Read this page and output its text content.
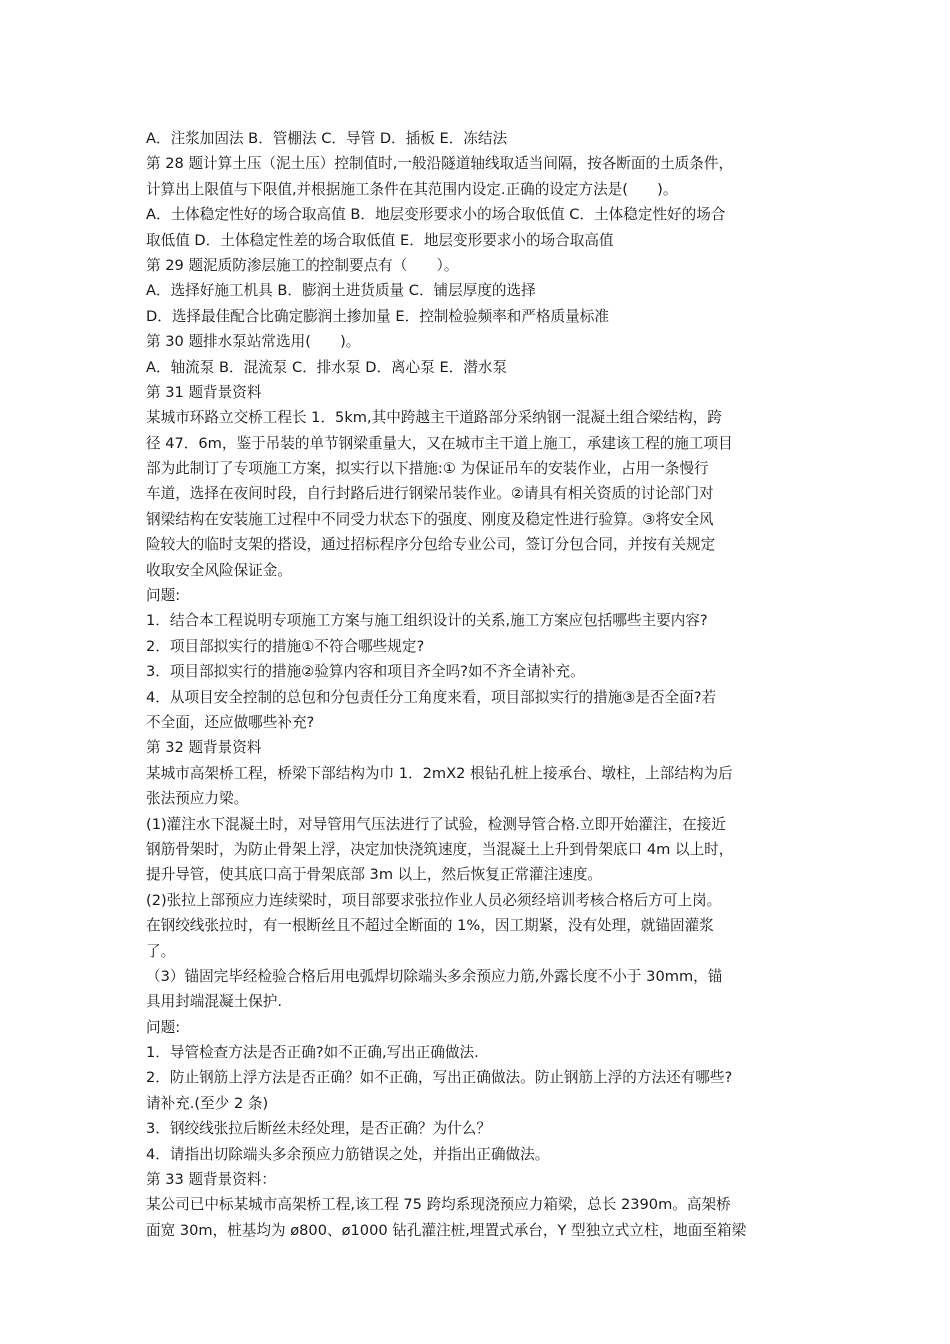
A．注浆加固法 B．管棚法 C．导管 D．插板 E．冻结法
第 28 题计算土压（泥土压）控制值时,一般沿隧道轴线取适当间隔，按各断面的土质条件，
计算出上限值与下限值,并根据施工条件在其范围内设定.正确的设定方法是(　　)。
A．土体稳定性好的场合取高值 B．地层变形要求小的场合取低值 C．土体稳定性好的场合
取低值 D．土体稳定性差的场合取低值 E．地层变形要求小的场合取高值
第 29 题泥质防渗层施工的控制要点有（　　）。
A．选择好施工机具 B．膨润土进货质量 C．铺层厚度的选择
D．选择最佳配合比确定膨润土掺加量 E．控制检验频率和严格质量标准
第 30 题排水泵站常选用(　　)。
A．轴流泵 B．混流泵 C．排水泵 D．离心泵 E．潜水泵
第 31 题背景资料
某城市环路立交桥工程长 1．5km,其中跨越主干道路部分采纳钢一混凝土组合梁结构，跨
径 47．6m，鉴于吊装的单节钢梁重量大，又在城市主干道上施工，承建该工程的施工项目
部为此制订了专项施工方案，拟实行以下措施:① 为保证吊车的安装作业，占用一条慢行
车道，选择在夜间时段，自行封路后进行钢梁吊装作业。②请具有相关资质的讨论部门对
钢梁结构在安装施工过程中不同受力状态下的强度、刚度及稳定性进行验算。③将安全风
险较大的临时支架的搭设，通过招标程序分包给专业公司，签订分包合同，并按有关规定
收取安全风险保证金。
问题:
1．结合本工程说明专项施工方案与施工组织设计的关系,施工方案应包括哪些主要内容?
2．项目部拟实行的措施①不符合哪些规定?
3．项目部拟实行的措施②验算内容和项目齐全吗?如不齐全请补充。
4．从项目安全控制的总包和分包责任分工角度来看，项目部拟实行的措施③是否全面?若
不全面，还应做哪些补充?
第 32 题背景资料
某城市高架桥工程，桥梁下部结构为巾 1．2mX2 根钻孔桩上接承台、墩柱，上部结构为后
张法预应力梁。
(1)灌注水下混凝土时，对导管用气压法进行了试验，检测导管合格.立即开始灌注，在接近
钢筋骨架时，为防止骨架上浮，决定加快浇筑速度，当混凝土上升到骨架底口 4m 以上时，
提升导管，使其底口高于骨架底部 3m 以上，然后恢复正常灌注速度。
(2)张拉上部预应力连续梁时，项目部要求张拉作业人员必须经培训考核合格后方可上岗。
在钢绞线张拉时，有一根断丝且不超过全断面的 1%，因工期紧，没有处理，就锚固灌浆
了。
（3）锚固完毕经检验合格后用电弧焊切除端头多余预应力筋,外露长度不小于 30mm，锚
具用封端混凝土保护.
问题:
1．导管检查方法是否正确?如不正确,写出正确做法.
2．防止钢筋上浮方法是否正确？如不正确，写出正确做法。防止钢筋上浮的方法还有哪些?
请补充.(至少 2 条)
3．钢绞线张拉后断丝未经处理，是否正确？为什么？
4．请指出切除端头多余预应力筋错误之处，并指出正确做法。
第 33 题背景资料：
某公司已中标某城市高架桥工程,该工程 75 跨均系现浇预应力箱梁，总长 2390m。高架桥
面宽 30m，桩基均为 ø800、ø1000 钻孔灌注桩,埋置式承台，Y 型独立式立柱，地面至箱梁
